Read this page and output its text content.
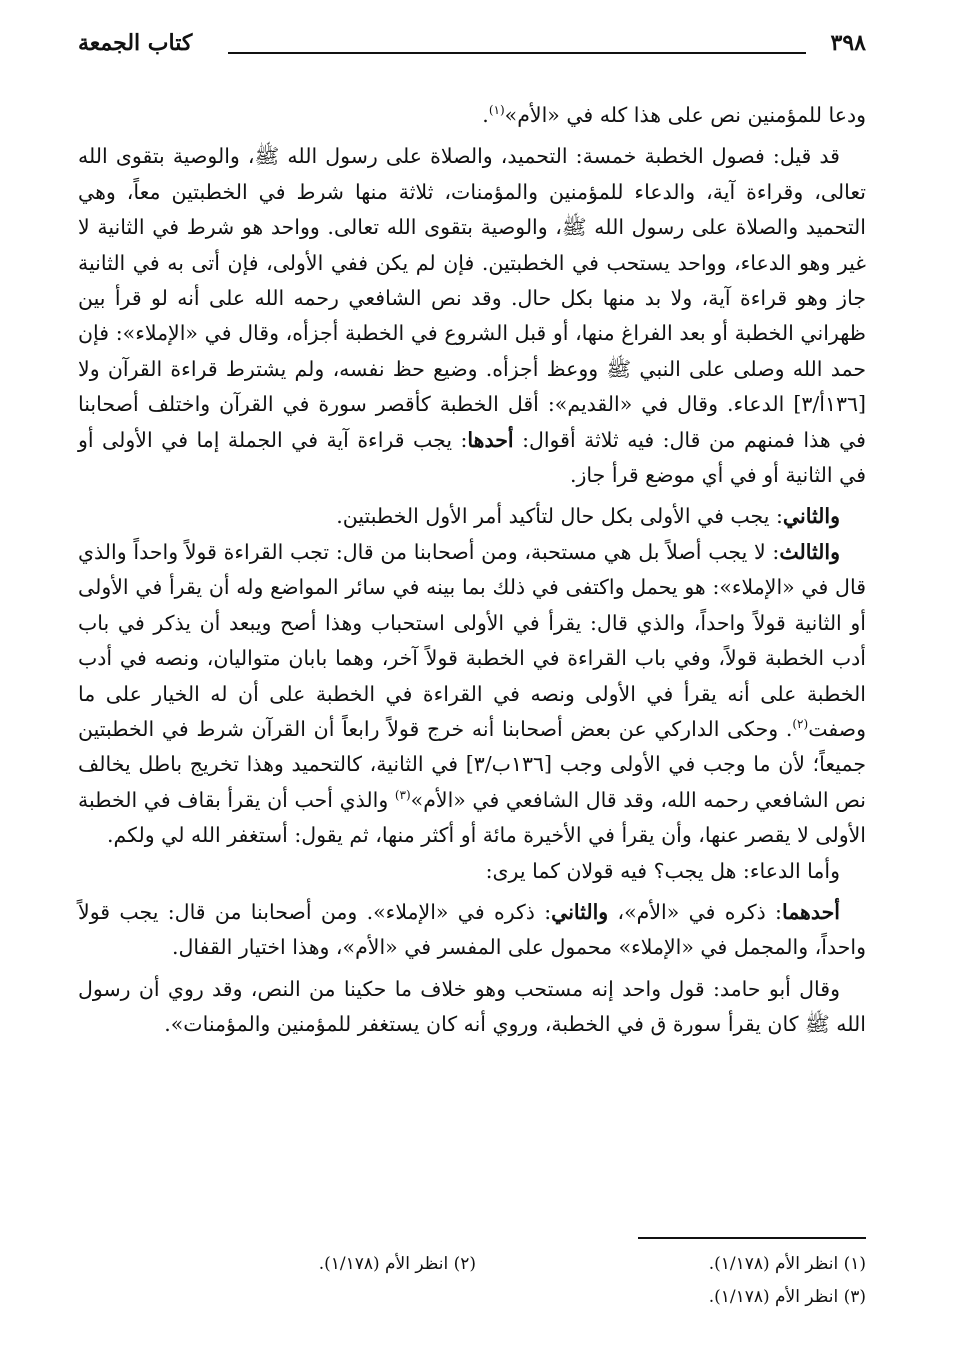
٣٩٨
كتاب الجمعة

ودعا للمؤمنين نص على هذا كله في «الأم»$^{(١)}$.

قد قيل: فصول الخطبة خمسة: التحميد، والصلاة على رسول الله ﷺ، والوصية بتقوى الله تعالى، وقراءة آية، والدعاء للمؤمنين والمؤمنات، ثلاثة منها شرط في الخطبتين معاً، وهي التحميد والصلاة على رسول الله ﷺ، والوصية بتقوى الله تعالى. وواحد هو شرط في الثانية لا غير وهو الدعاء، وواحد يستحب في الخطبتين. فإن لم يكن ففي الأولى، فإن أتى به في الثانية جاز وهو قراءة آية، ولا بد منها بكل حال. وقد نص الشافعي رحمه الله على أنه لو قرأ بين ظهراني الخطبة أو بعد الفراغ منها، أو قبل الشروع في الخطبة أجزأه، وقال في «الإملاء»: فإن حمد الله وصلى على النبي ﷺ ووعظ أجزأه. وضيع حظ نفسه، ولم يشترط قراءة القرآن ولا [١٣٦أ/٣] الدعاء. وقال في «القديم»: أقل الخطبة كأقصر سورة في القرآن واختلف أصحابنا في هذا فمنهم من قال: فيه ثلاثة أقوال: أحدها: يجب قراءة آية في الجملة إما في الأولى أو في الثانية أو في أي موضع قرأ جاز.

والثاني: يجب في الأولى بكل حال لتأكيد أمر الأول الخطبتين.

والثالث: لا يجب أصلاً بل هي مستحبة، ومن أصحابنا من قال: تجب القراءة قولاً واحداً والذي قال في «الإملاء»: هو يحمل واكتفى في ذلك بما بينه في سائر المواضع وله أن يقرأ في الأولى أو الثانية قولاً واحداً، والذي قال: يقرأ في الأولى استحباب وهذا أصح ويبعد أن يذكر في باب أدب الخطبة قولاً، وفي باب القراءة في الخطبة قولاً آخر، وهما بابان متواليان، ونصه في أدب الخطبة على أنه يقرأ في الأولى ونصه في القراءة في الخطبة على أن له الخيار على ما وصفت$^{(٢)}$. وحكى الداركي عن بعض أصحابنا أنه خرج قولاً رابعاً أن القرآن شرط في الخطبتين جميعاً؛ لأن ما وجب في الأولى وجب [١٣٦ب/٣] في الثانية، كالتحميد وهذا تخريج باطل يخالف نص الشافعي رحمه الله، وقد قال الشافعي في «الأم»$^{(٣)}$ والذي أحب أن يقرأ بقاف في الخطبة الأولى لا يقصر عنها، وأن يقرأ في الأخيرة مائة أو أكثر منها، ثم يقول: أستغفر الله لي ولكم.

وأما الدعاء: هل يجب؟ فيه قولان كما يرى:

أحدهما: ذكره في «الأم»، والثاني: ذكره في «الإملاء». ومن أصحابنا من قال: يجب قولاً واحداً، والمجمل في «الإملاء» محمول على المفسر في «الأم»، وهذا اختيار القفال.

وقال أبو حامد: قول واحد إنه مستحب وهو خلاف ما حكينا من النص، وقد روي أن رسول الله ﷺ كان يقرأ سورة ق في الخطبة، وروي أنه كان يستغفر للمؤمنين والمؤمنات».

(١) انظر الأم (١/١٧٨).
(٢) انظر الأم (١/١٧٨).
(٣) انظر الأم (١/١٧٨).
